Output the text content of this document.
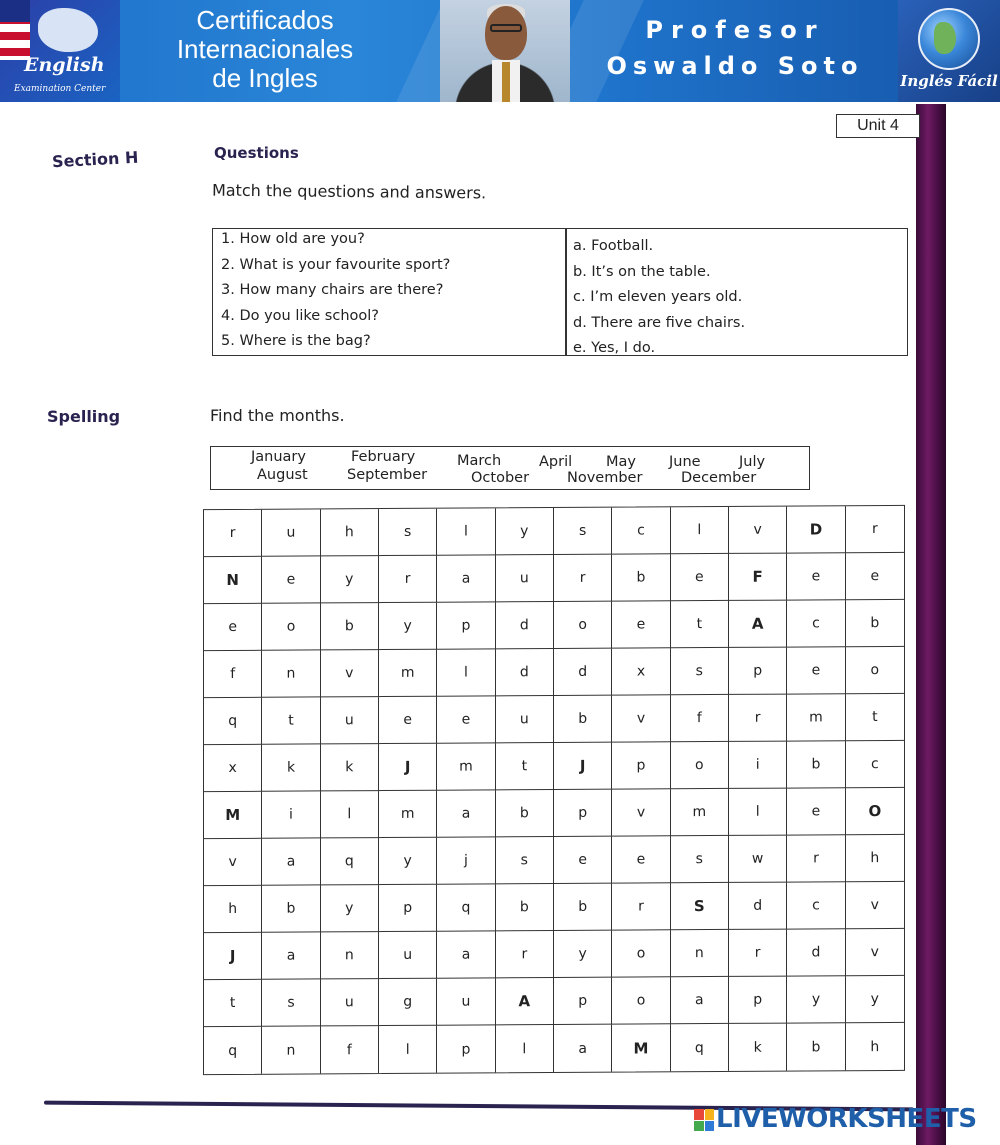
English
Examination Center
Certificados
Internacionales
de Ingles
Profesor
Oswaldo Soto
Inglés Fácil
Unit 4
Section H	Questions
Match the questions and answers.
1. How old are you?
2. What is your favourite sport?
3. How many chairs are there?
4. Do you like school?
5. Where is the bag?
a. Football.
b. It’s on the table.
c. I’m eleven years old.
d. There are five chairs.
e. Yes, I do.
Spelling	Find the months.
January	February	March	April May June	July
August	September	October	November	December
r	u	h	s	l	y	s	c	l	v	D	r
N	e	y	r	a	u	r	b	e	F	e	e
e	o	b	y	p	d	o	e	t	A	c	b
f	n	v	m	l	d	d	x	s	p	e	o
q	t	u	e	e	u	b	v	f	r	m	t
x	k	k	J	m	t	J	p	o	i	b	c
M	i	l	m	a	b	p	v	m	l	e	O
v	a	q	y	j	s	e	e	s	w	r	h
h	b	y	p	q	b	b	r	S	d	c	v
J	a	n	u	a	r	y	o	n	r	d	v
t	s	u	g	u	A	p	o	a	p	y	y
q	n	f	l	p	l	a	M	q	k	b	h
LIVEWORKSHEETS
